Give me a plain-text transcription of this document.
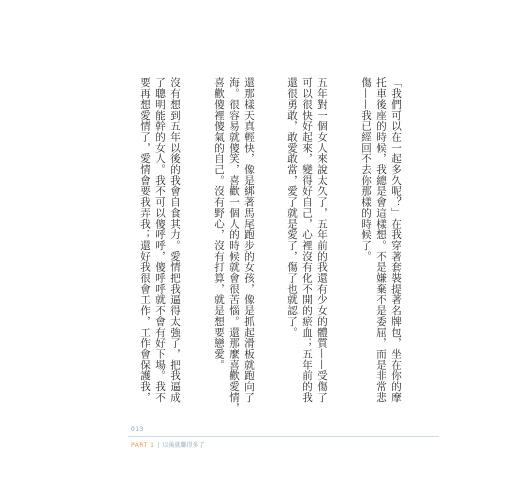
「我們可以在一起多久呢？」在我穿著套裝提著名牌包，坐在你的摩
托車後座的時候，我總是會這樣想。不是嫌棄不是委屈，而是非常悲
傷——我已經回不去你那樣的時候了。
五年對一個女人來說太久了，五年前的我還有少女的體質——受傷了
可以很快好起來，變得好自己，心裡沒有化不開的瘀血；五年前的我
還很勇敢，敢愛敢當，愛了就是愛了，傷了也就認了。
還那樣天真輕快，像是綁著馬尾跑步的女孩，像是抓起滑板就跑向了
海。很容易就傻笑，喜歡一個人的時候就會很苦惱。還那麼喜歡愛情，
喜歡傻裡傻氣的自己。沒有野心，沒有打算，就是想要戀愛。
沒有想到五年以後的我會自食其力。愛情把我逼得太強了，把我逼成
了聰明能幹的女人。我不可以傻呼呼，傻呼呼就不會有好下場。我不
要再想愛情了，愛情會要我弄我；還好我很會工作，工作會保護我，
013
PART 1 | 以後就賺得多了
